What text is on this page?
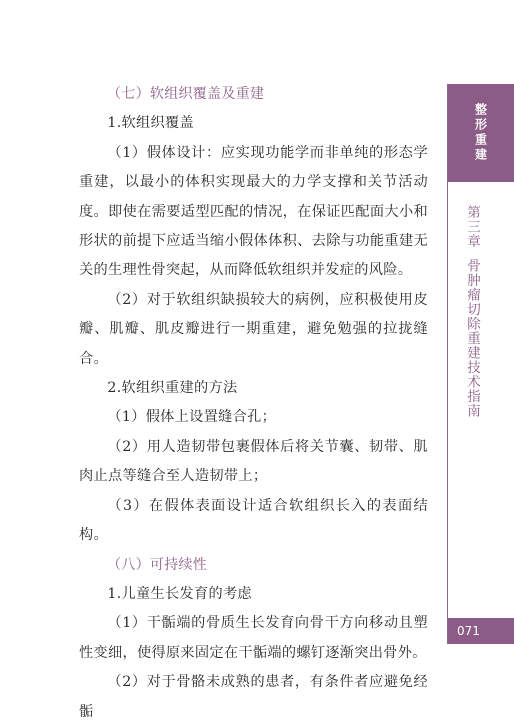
整形重建
第三章骨肿瘤切除重建技术指南
071

（七）软组织覆盖及重建

1.软组织覆盖

（1）假体设计：应实现功能学而非单纯的形态学重建，以最小的体积实现最大的力学支撑和关节活动度。即使在需要适型匹配的情况，在保证匹配面大小和形状的前提下应适当缩小假体体积、去除与功能重建无关的生理性骨突起，从而降低软组织并发症的风险。

（2）对于软组织缺损较大的病例，应积极使用皮瓣、肌瓣、肌皮瓣进行一期重建，避免勉强的拉拢缝合。

2.软组织重建的方法

（1）假体上设置缝合孔；

（2）用人造韧带包裹假体后将关节囊、韧带、肌肉止点等缝合至人造韧带上；

（3）在假体表面设计适合软组织长入的表面结构。

（八）可持续性

1.儿童生长发育的考虑

（1）干骺端的骨质生长发育向骨干方向移动且塑性变细，使得原来固定在干骺端的螺钉逐渐突出骨外。

（2）对于骨骼未成熟的患者，有条件者应避免经骺
